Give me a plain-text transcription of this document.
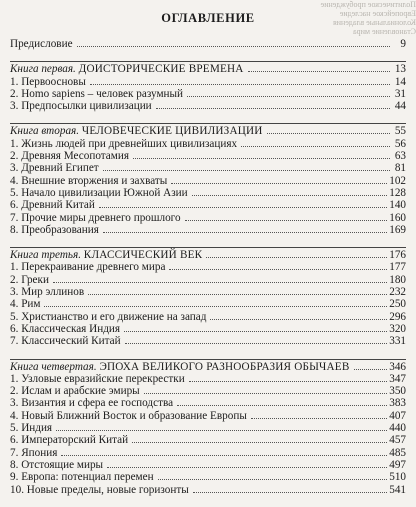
Политическое пробуждение
Европейское наследие
Колониальные владения
Становление мира
ОГЛАВЛЕНИЕ
Предисловие	9
Книга первая. ДОИСТОРИЧЕСКИЕ ВРЕМЕНА	13
1. Первоосновы	14
2. Homo sapiens – человек разумный	31
3. Предпосылки цивилизации	44
Книга вторая. ЧЕЛОВЕЧЕСКИЕ ЦИВИЛИЗАЦИИ	55
1. Жизнь людей при древнейших цивилизациях	56
2. Древняя Месопотамия	63
3. Древний Египет	81
4. Внешние вторжения и захваты	102
5. Начало цивилизации Южной Азии	128
6. Древний Китай	140
7. Прочие миры древнего прошлого	160
8. Преобразования	169
Книга третья. КЛАССИЧЕСКИЙ ВЕК	176
1. Перекраивание древнего мира	177
2. Греки	180
3. Мир эллинов	232
4. Рим	250
5. Христианство и его движение на запад	296
6. Классическая Индия	320
7. Классический Китай	331
Книга четвертая. ЭПОХА ВЕЛИКОГО РАЗНООБРАЗИЯ ОБЫЧАЕВ	346
1. Узловые евразийские перекрестки	347
2. Ислам и арабские эмиры	350
3. Византия и сфера ее господства	383
4. Новый Ближний Восток и образование Европы	407
5. Индия	440
6. Императорский Китай	457
7. Япония	485
8. Отстоящие миры	497
9. Европа: потенциал перемен	510
10. Новые пределы, новые горизонты	541
